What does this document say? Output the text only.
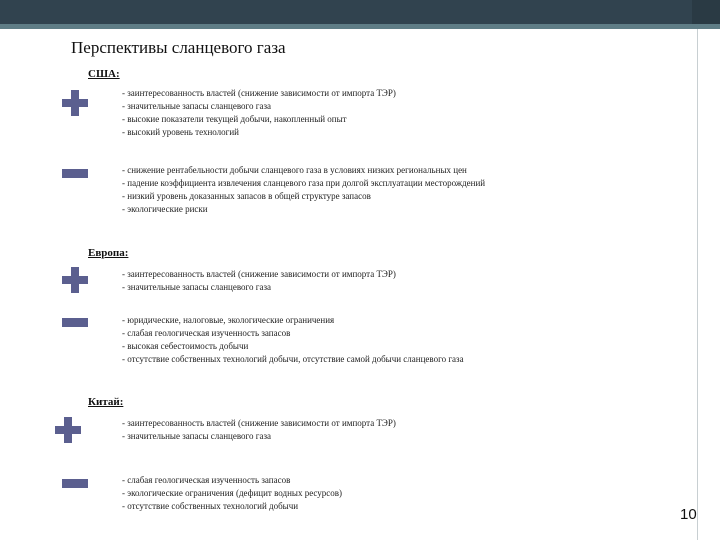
Перспективы сланцевого газа
США:
- заинтересованность властей (снижение зависимости от импорта ТЭР)
- значительные запасы сланцевого газа
- высокие показатели текущей добычи, накопленный опыт
- высокий уровень технологий
- снижение рентабельности добычи сланцевого газа в условиях низких региональных цен
- падение коэффициента извлечения сланцевого газа при долгой эксплуатации месторождений
- низкий уровень доказанных запасов в общей структуре запасов
- экологические риски
Европа:
- заинтересованность властей (снижение зависимости от импорта ТЭР)
- значительные запасы сланцевого газа
- юридические, налоговые, экологические ограничения
- слабая геологическая изученность запасов
- высокая себестоимость добычи
- отсутствие собственных технологий добычи, отсутствие самой добычи сланцевого газа
Китай:
- заинтересованность властей (снижение зависимости от импорта ТЭР)
- значительные запасы сланцевого газа
- слабая геологическая изученность запасов
- экологические ограничения (дефицит водных ресурсов)
- отсутствие собственных технологий добычи	10
